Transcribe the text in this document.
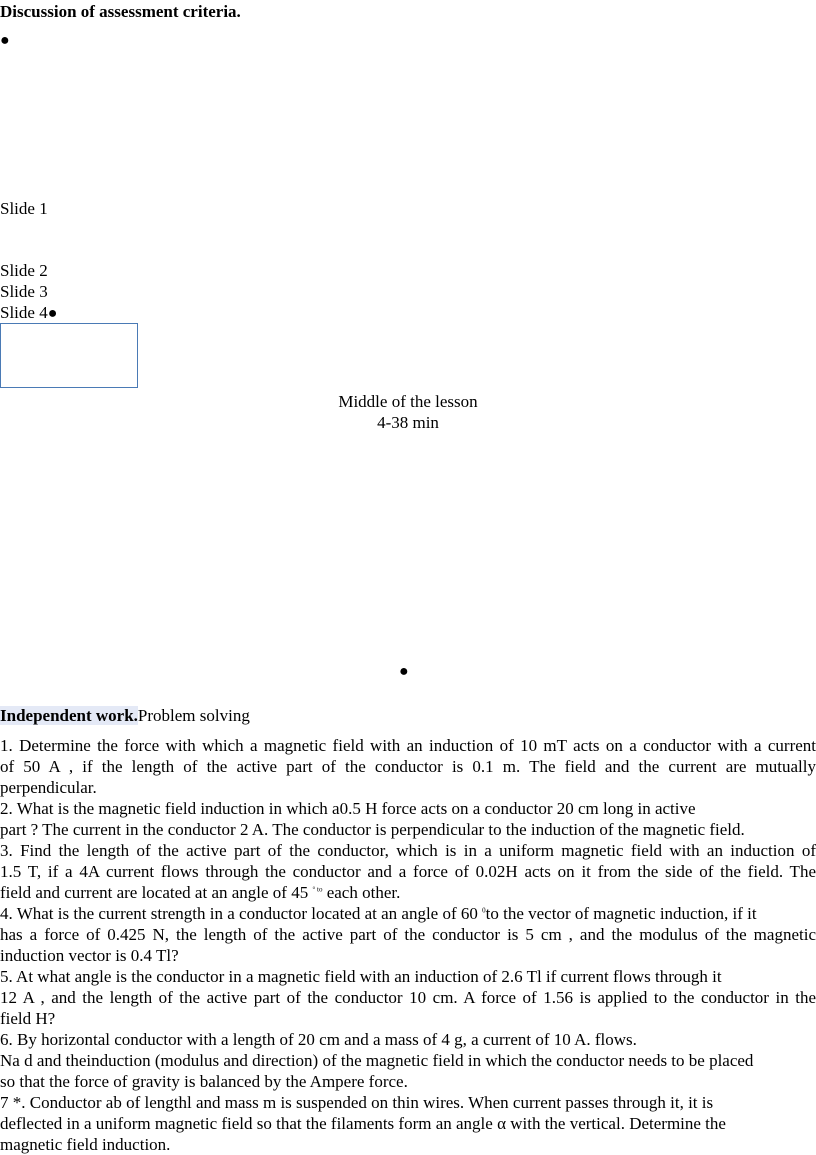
Discussion of assessment criteria.
●
Slide 1
Slide 2
Slide 3
Slide 4●
Middle of the lesson
4-38 min
●
Independent work.Problem solving
1. Determine the force with which a magnetic field with an induction of 10 mT acts on a conductor with a current
of 50 A , if the length of the active part of the conductor is 0.1 m. The field and the current are mutually
perpendicular.
2. What is the magnetic field induction in which a0.5 H force acts on a conductor 20 cm long in active
part ? The current in the conductor 2 A. The conductor is perpendicular to the induction of the magnetic field.
3. Find the length of the active part of the conductor, which is in a uniform magnetic field with an induction of
1.5 T, if a 4A current flows through the conductor and a force of 0.02H acts on it from the side of the field. The
field and current are located at an angle of 45 $^{^\circ to}$ each other.
4. What is the current strength in a conductor located at an angle of 60 $^0$to the vector of magnetic induction, if it
has a force of 0.425 N, the length of the active part of the conductor is 5 cm , and the modulus of the magnetic
induction vector is 0.4 Tl?
5. At what angle is the conductor in a magnetic field with an induction of 2.6 Tl if current flows through it
12 A , and the length of the active part of the conductor 10 cm. A force of 1.56 is applied to the conductor in the
field H?
6. By horizontal conductor with a length of 20 cm and a mass of 4 g, a current of 10 A. flows.
Na d and theinduction (modulus and direction) of the magnetic field in which the conductor needs to be placed
so that the force of gravity is balanced by the Ampere force.
7 *. Conductor ab of lengthl and mass m is suspended on thin wires. When current passes through it, it is
deflected in a uniform magnetic field so that the filaments form an angle α with the vertical. Determine the
magnetic field induction.
